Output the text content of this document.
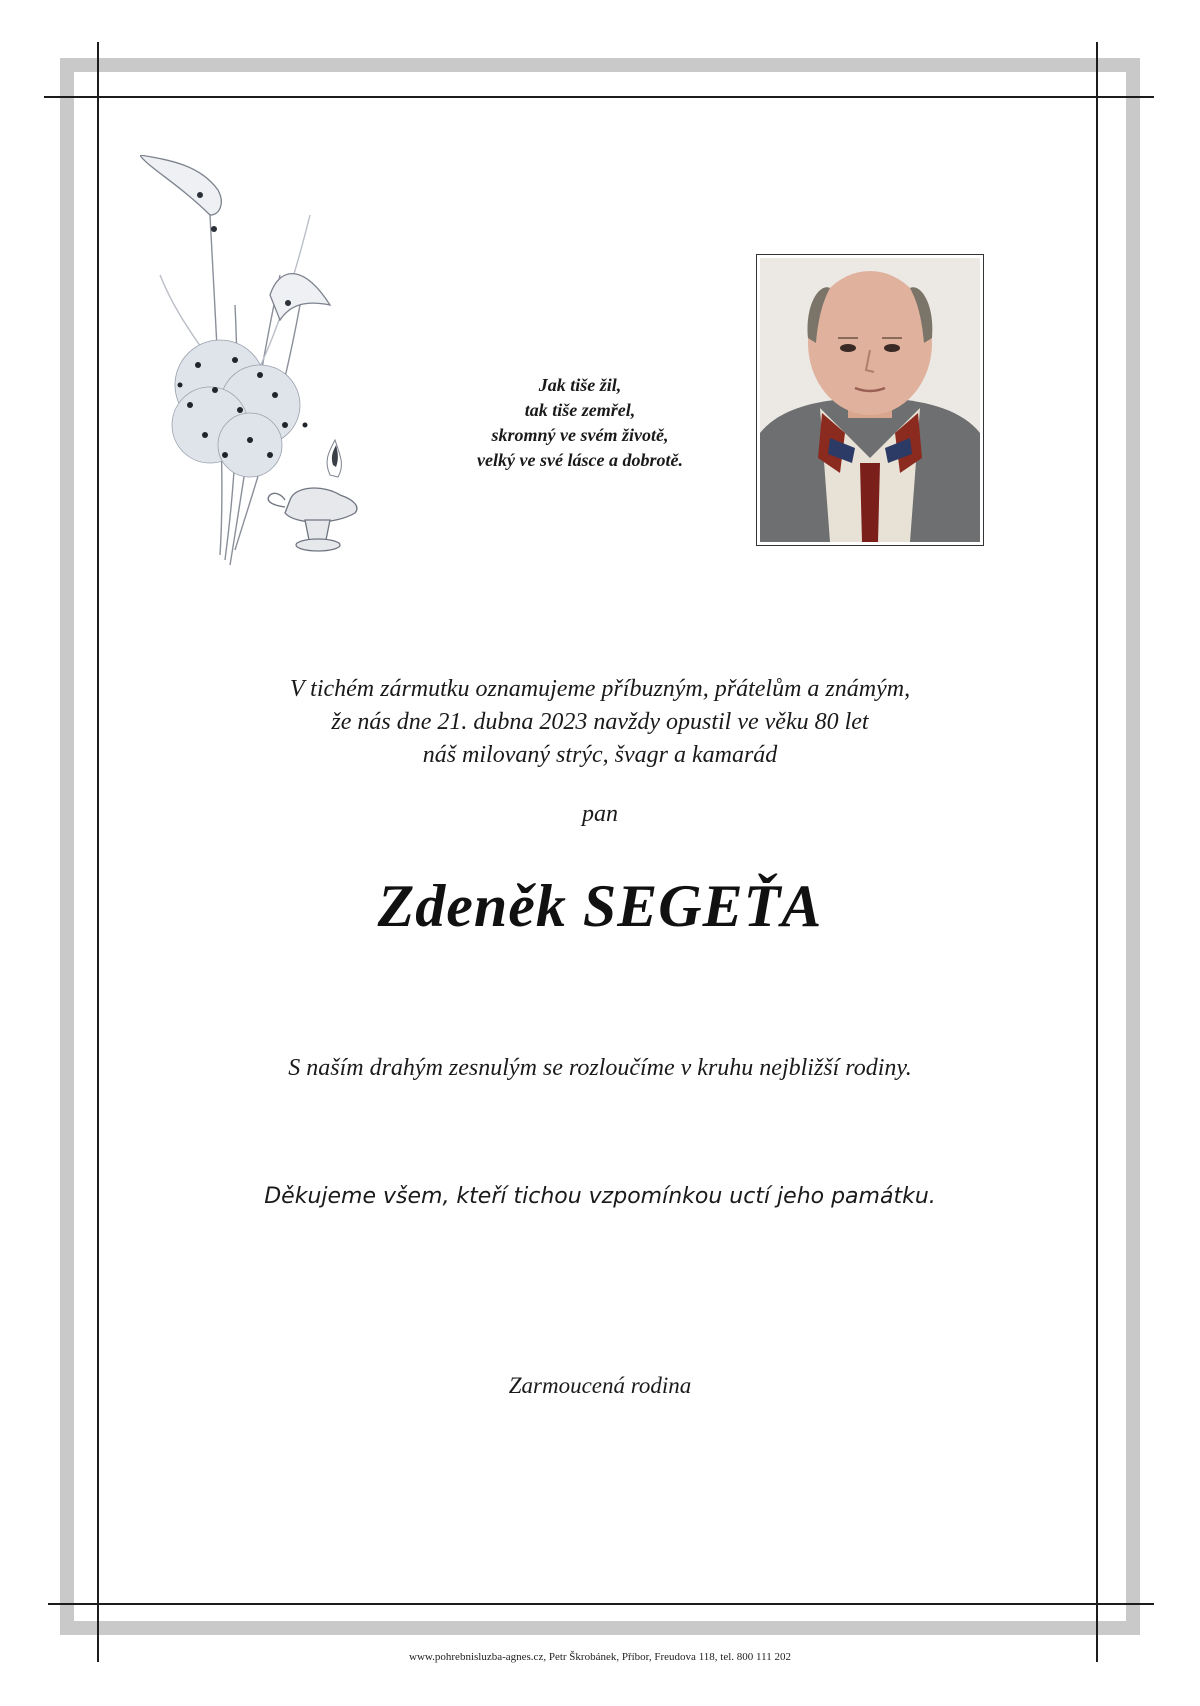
Jak tiše žil,
tak tiše zemřel,
skromný ve svém životě,
velký ve své lásce a dobrotě.
V tichém zármutku oznamujeme příbuzným, přátelům a známým,
že nás dne 21. dubna 2023 navždy opustil ve věku 80 let
náš milovaný strýc, švagr a kamarád
pan
Zdeněk SEGEŤA
S naším drahým zesnulým se rozloučíme v kruhu nejbližší rodiny.
Děkujeme všem, kteří tichou vzpomínkou uctí jeho památku.
Zarmoucená rodina
www.pohrebnisluzba-agnes.cz, Petr Škrobánek, Příbor, Freudova 118, tel. 800 111 202
